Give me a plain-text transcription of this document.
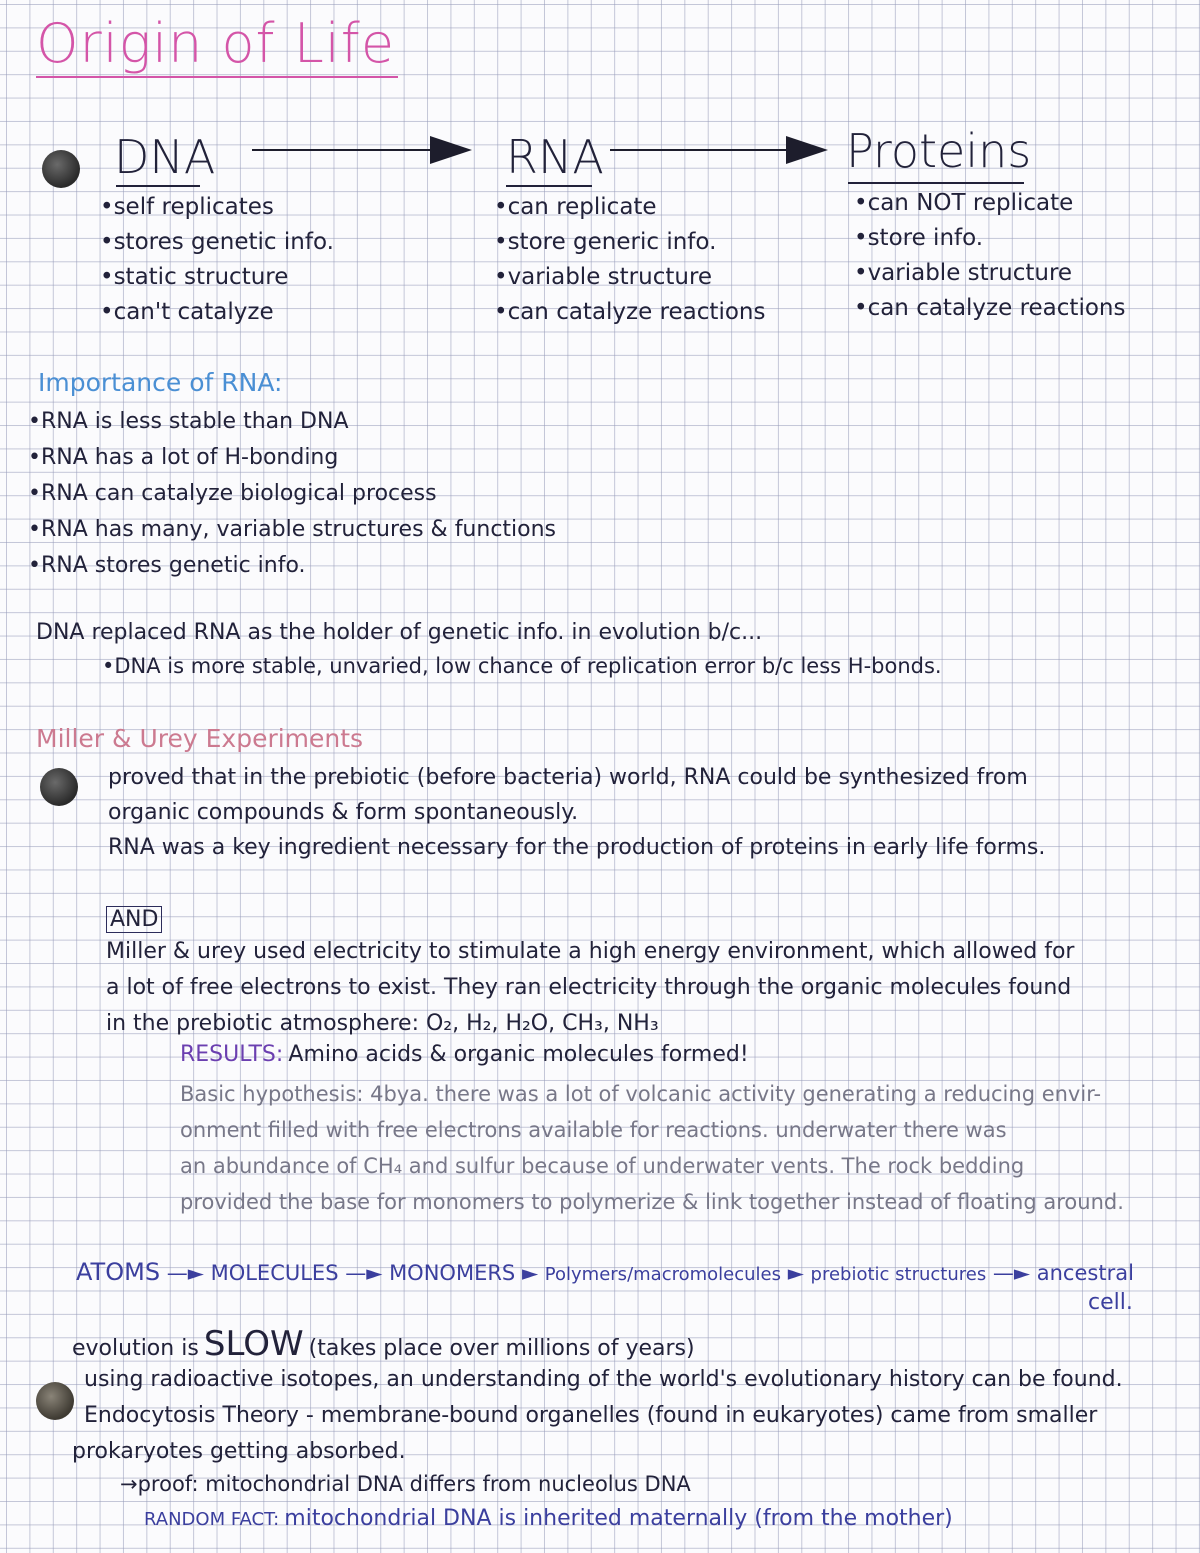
Origin of Life
DNA	RNA	Proteins
•self replicates
•stores genetic info.
•static structure
•can't catalyze
•can replicate
•store generic info.
•variable structure
•can catalyze reactions
•can NOT replicate
•store info.
•variable structure
•can catalyze reactions
Importance of RNA:
•RNA is less stable than DNA
•RNA has a lot of H-bonding
•RNA can catalyze biological process
•RNA has many, variable structures & functions
•RNA stores genetic info.
DNA replaced RNA as the holder of genetic info. in evolution b/c...
•DNA is more stable, unvaried, low chance of replication error b/c less H-bonds.
Miller & Urey Experiments
proved that in the prebiotic (before bacteria) world, RNA could be synthesized from
organic compounds & form spontaneously.
RNA was a key ingredient necessary for the production of proteins in early life forms.
AND
Miller & urey used electricity to stimulate a high energy environment, which allowed for
a lot of free electrons to exist. They ran electricity through the organic molecules found
in the prebiotic atmosphere: O₂, H₂, H₂O, CH₃, NH₃
RESULTS: Amino acids & organic molecules formed!
Basic hypothesis: 4bya. there was a lot of volcanic activity generating a reducing envir-
onment filled with free electrons available for reactions. underwater there was
an abundance of CH₄ and sulfur because of underwater vents. The rock bedding
provided the base for monomers to polymerize & link together instead of floating around.
ATOMS —► MOLECULES —► MONOMERS ► Polymers/macromolecules ► prebiotic structures —► ancestral
cell.
evolution is SLOW (takes place over millions of years)
using radioactive isotopes, an understanding of the world's evolutionary history can be found.
Endocytosis Theory - membrane-bound organelles (found in eukaryotes) came from smaller
prokaryotes getting absorbed.
→proof: mitochondrial DNA differs from nucleolus DNA
RANDOM FACT: mitochondrial DNA is inherited maternally (from the mother)
